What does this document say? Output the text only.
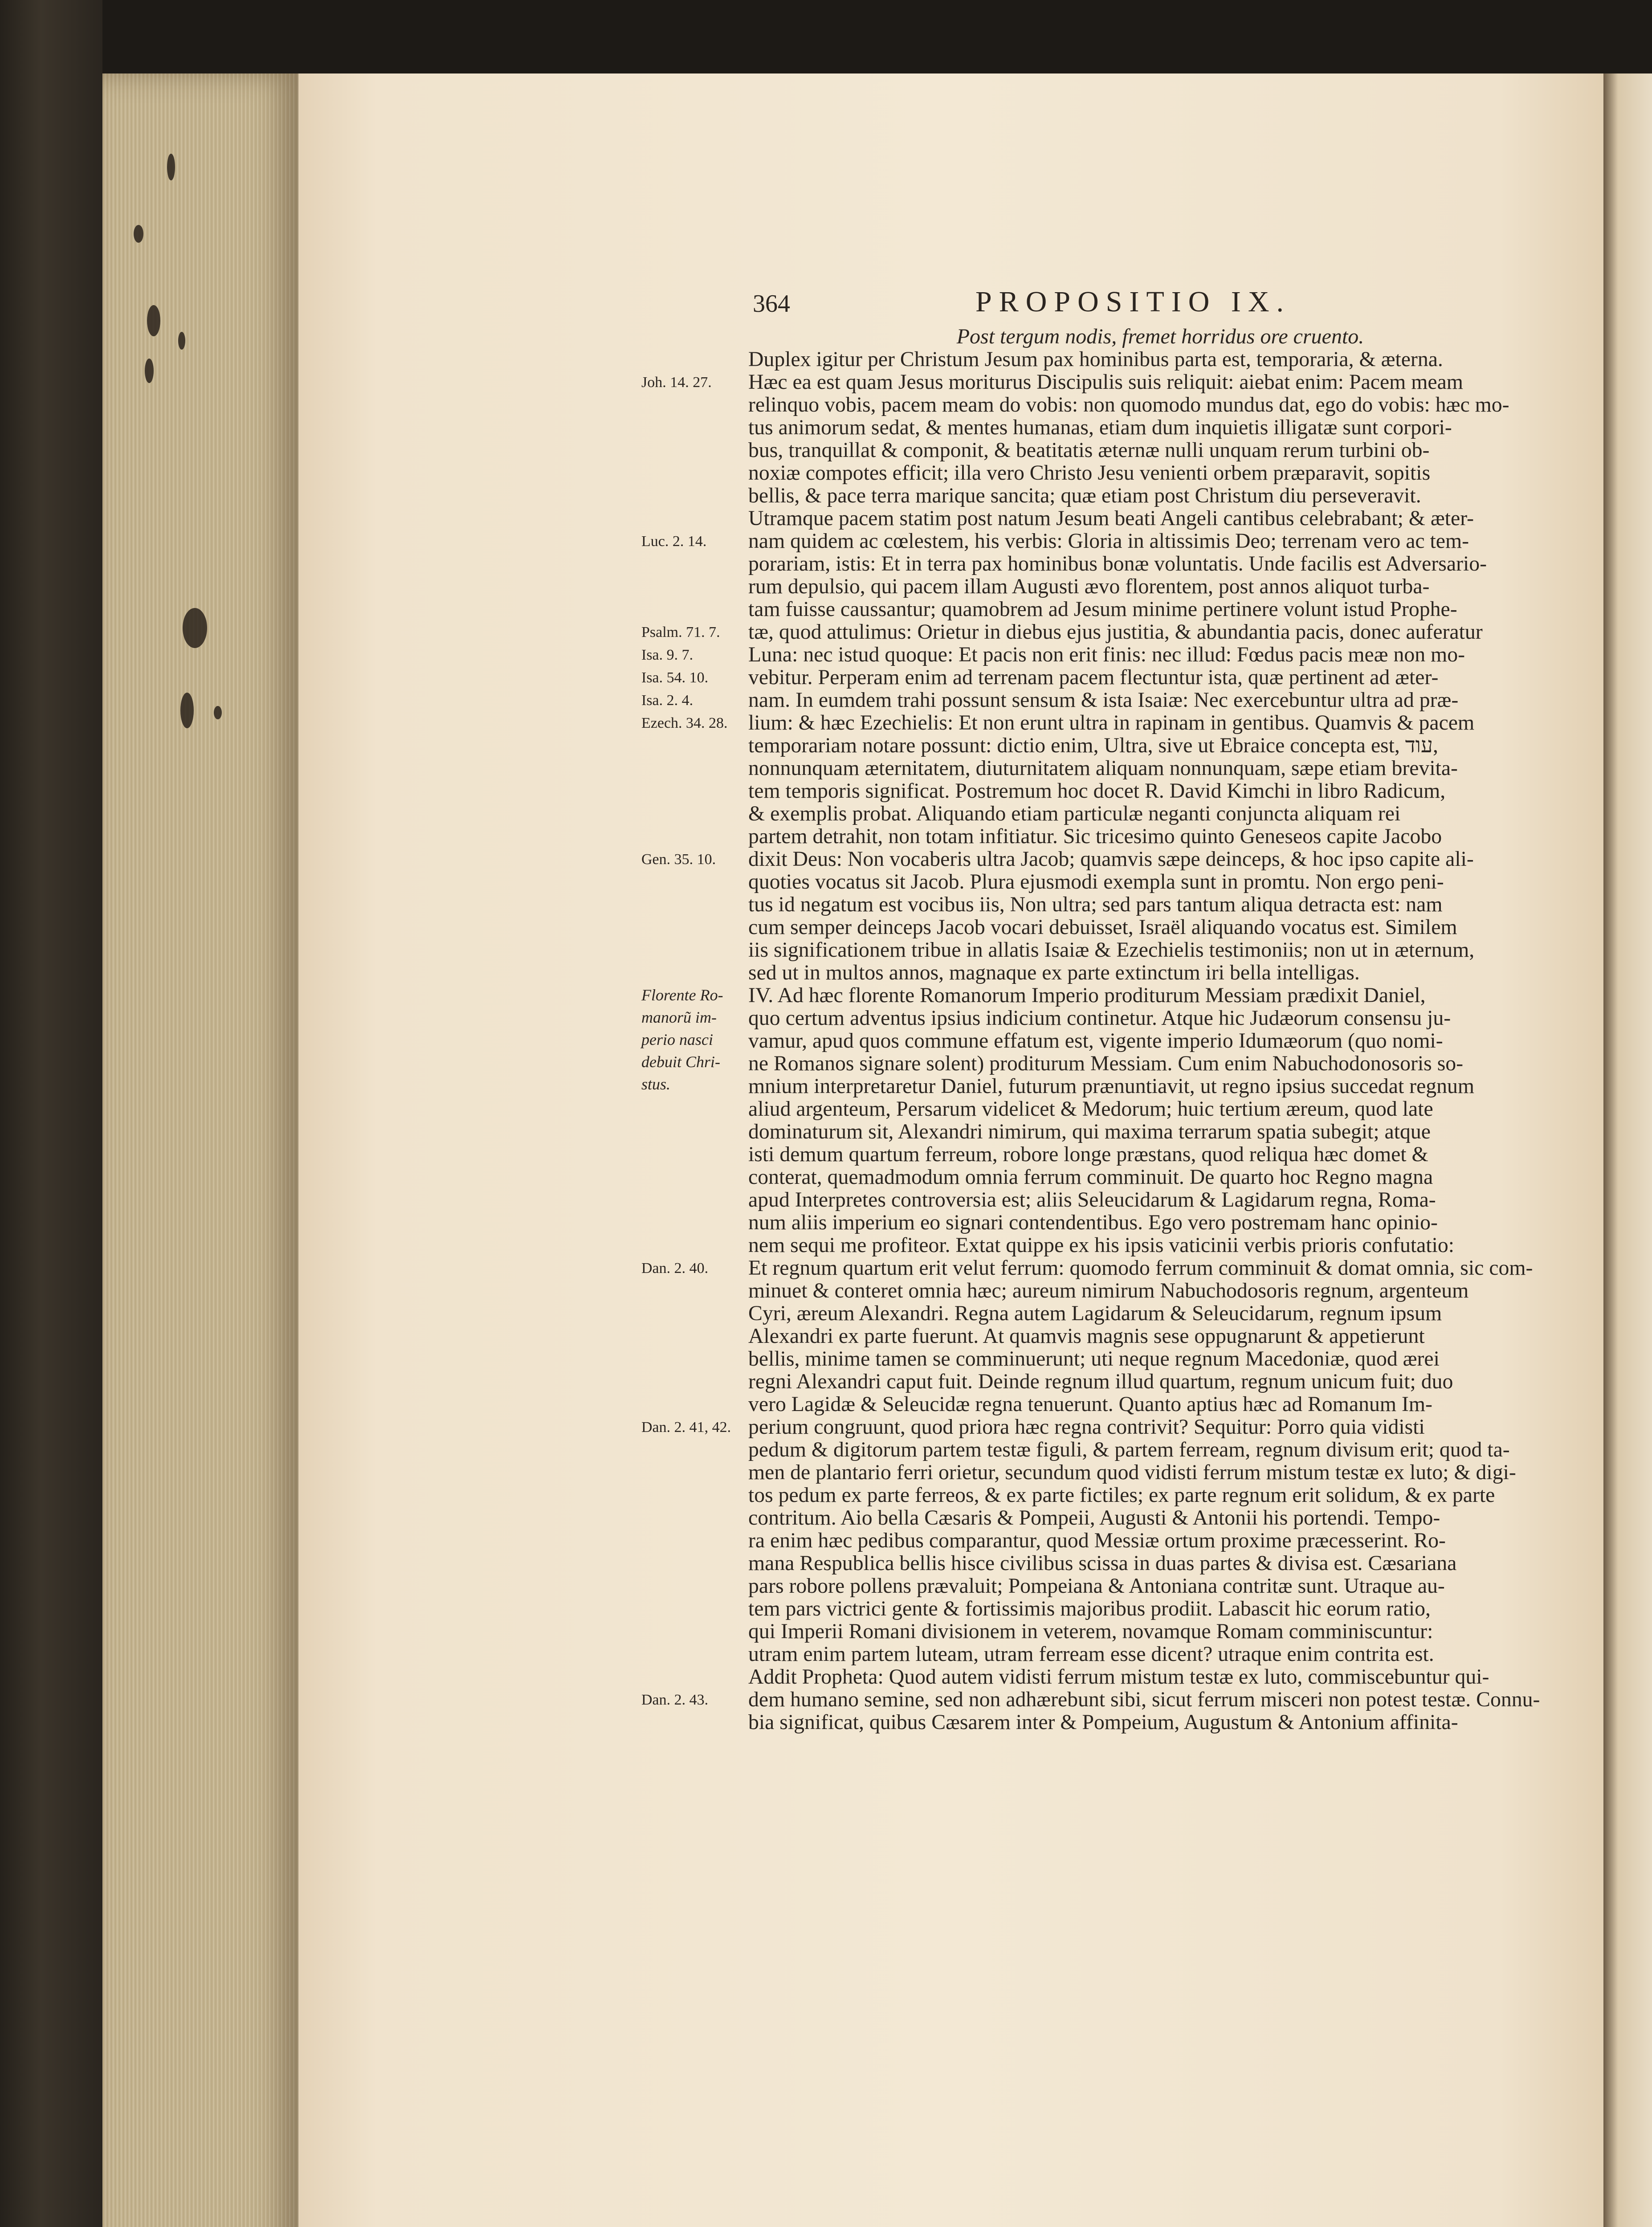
364	PROPOSITIO IX.
Joh. 14. 27.
Luc. 2. 14.
Psalm. 71. 7.
Isa. 9. 7.
Isa. 54. 10.
Isa. 2. 4.
Ezech. 34. 28.
Gen. 35. 10.
Dan. 2. 40.
Dan. 2. 41, 42.
Dan. 2. 43.
Florente Ro-
manorũ im-
perio nasci
debuit Chri-
stus.
Post tergum nodis, fremet horridus ore cruento.
Duplex igitur per Christum Jesum pax hominibus parta est, temporaria, & æterna.
Hæc ea est quam Jesus moriturus Discipulis suis reliquit: aiebat enim: Pacem meam
relinquo vobis, pacem meam do vobis: non quomodo mundus dat, ego do vobis: hæc mo-
tus animorum sedat, & mentes humanas, etiam dum inquietis illigatæ sunt corpori-
bus, tranquillat & componit, & beatitatis æternæ nulli unquam rerum turbini ob-
noxiæ compotes efficit; illa vero Christo Jesu venienti orbem præparavit, sopitis
bellis, & pace terra marique sancita; quæ etiam post Christum diu perseveravit.
Utramque pacem statim post natum Jesum beati Angeli cantibus celebrabant; & æter-
nam quidem ac cœlestem, his verbis: Gloria in altissimis Deo; terrenam vero ac tem-
porariam, istis: Et in terra pax hominibus bonæ voluntatis. Unde facilis est Adversario-
rum depulsio, qui pacem illam Augusti ævo florentem, post annos aliquot turba-
tam fuisse caussantur; quamobrem ad Jesum minime pertinere volunt istud Prophe-
tæ, quod attulimus: Orietur in diebus ejus justitia, & abundantia pacis, donec auferatur
Luna: nec istud quoque: Et pacis non erit finis: nec illud: Fœdus pacis meæ non mo-
vebitur. Perperam enim ad terrenam pacem flectuntur ista, quæ pertinent ad æter-
nam. In eumdem trahi possunt sensum & ista Isaiæ: Nec exercebuntur ultra ad præ-
lium: & hæc Ezechielis: Et non erunt ultra in rapinam in gentibus. Quamvis & pacem
temporariam notare possunt: dictio enim, Ultra, sive ut Ebraice concepta est, עוד,
nonnunquam æternitatem, diuturnitatem aliquam nonnunquam, sæpe etiam brevita-
tem temporis significat. Postremum hoc docet R. David Kimchi in libro Radicum,
& exemplis probat. Aliquando etiam particulæ neganti conjuncta aliquam rei
partem detrahit, non totam infitiatur. Sic tricesimo quinto Geneseos capite Jacobo
dixit Deus: Non vocaberis ultra Jacob; quamvis sæpe deinceps, & hoc ipso capite ali-
quoties vocatus sit Jacob. Plura ejusmodi exempla sunt in promtu. Non ergo peni-
tus id negatum est vocibus iis, Non ultra; sed pars tantum aliqua detracta est: nam
cum semper deinceps Jacob vocari debuisset, Israël aliquando vocatus est. Similem
iis significationem tribue in allatis Isaiæ & Ezechielis testimoniis; non ut in æternum,
sed ut in multos annos, magnaque ex parte extinctum iri bella intelligas.
IV. Ad hæc florente Romanorum Imperio proditurum Messiam prædixit Daniel,
quo certum adventus ipsius indicium continetur. Atque hic Judæorum consensu ju-
vamur, apud quos commune effatum est, vigente imperio Idumæorum (quo nomi-
ne Romanos signare solent) proditurum Messiam. Cum enim Nabuchodonosoris so-
mnium interpretaretur Daniel, futurum prænuntiavit, ut regno ipsius succedat regnum
aliud argenteum, Persarum videlicet & Medorum; huic tertium æreum, quod late
dominaturum sit, Alexandri nimirum, qui maxima terrarum spatia subegit; atque
isti demum quartum ferreum, robore longe præstans, quod reliqua hæc domet &
conterat, quemadmodum omnia ferrum comminuit. De quarto hoc Regno magna
apud Interpretes controversia est; aliis Seleucidarum & Lagidarum regna, Roma-
num aliis imperium eo signari contendentibus. Ego vero postremam hanc opinio-
nem sequi me profiteor. Extat quippe ex his ipsis vaticinii verbis prioris confutatio:
Et regnum quartum erit velut ferrum: quomodo ferrum comminuit & domat omnia, sic com-
minuet & conteret omnia hæc; aureum nimirum Nabuchodosoris regnum, argenteum
Cyri, æreum Alexandri. Regna autem Lagidarum & Seleucidarum, regnum ipsum
Alexandri ex parte fuerunt. At quamvis magnis sese oppugnarunt & appetierunt
bellis, minime tamen se comminuerunt; uti neque regnum Macedoniæ, quod ærei
regni Alexandri caput fuit. Deinde regnum illud quartum, regnum unicum fuit; duo
vero Lagidæ & Seleucidæ regna tenuerunt. Quanto aptius hæc ad Romanum Im-
perium congruunt, quod priora hæc regna contrivit? Sequitur: Porro quia vidisti
pedum & digitorum partem testæ figuli, & partem ferream, regnum divisum erit; quod ta-
men de plantario ferri orietur, secundum quod vidisti ferrum mistum testæ ex luto; & digi-
tos pedum ex parte ferreos, & ex parte fictiles; ex parte regnum erit solidum, & ex parte
contritum. Aio bella Cæsaris & Pompeii, Augusti & Antonii his portendi. Tempo-
ra enim hæc pedibus comparantur, quod Messiæ ortum proxime præcesserint. Ro-
mana Respublica bellis hisce civilibus scissa in duas partes & divisa est. Cæsariana
pars robore pollens prævaluit; Pompeiana & Antoniana contritæ sunt. Utraque au-
tem pars victrici gente & fortissimis majoribus prodiit. Labascit hic eorum ratio,
qui Imperii Romani divisionem in veterem, novamque Romam comminiscuntur:
utram enim partem luteam, utram ferream esse dicent? utraque enim contrita est.
Addit Propheta: Quod autem vidisti ferrum mistum testæ ex luto, commiscebuntur qui-
dem humano semine, sed non adhærebunt sibi, sicut ferrum misceri non potest testæ. Connu-
bia significat, quibus Cæsarem inter & Pompeium, Augustum & Antonium affinita-
